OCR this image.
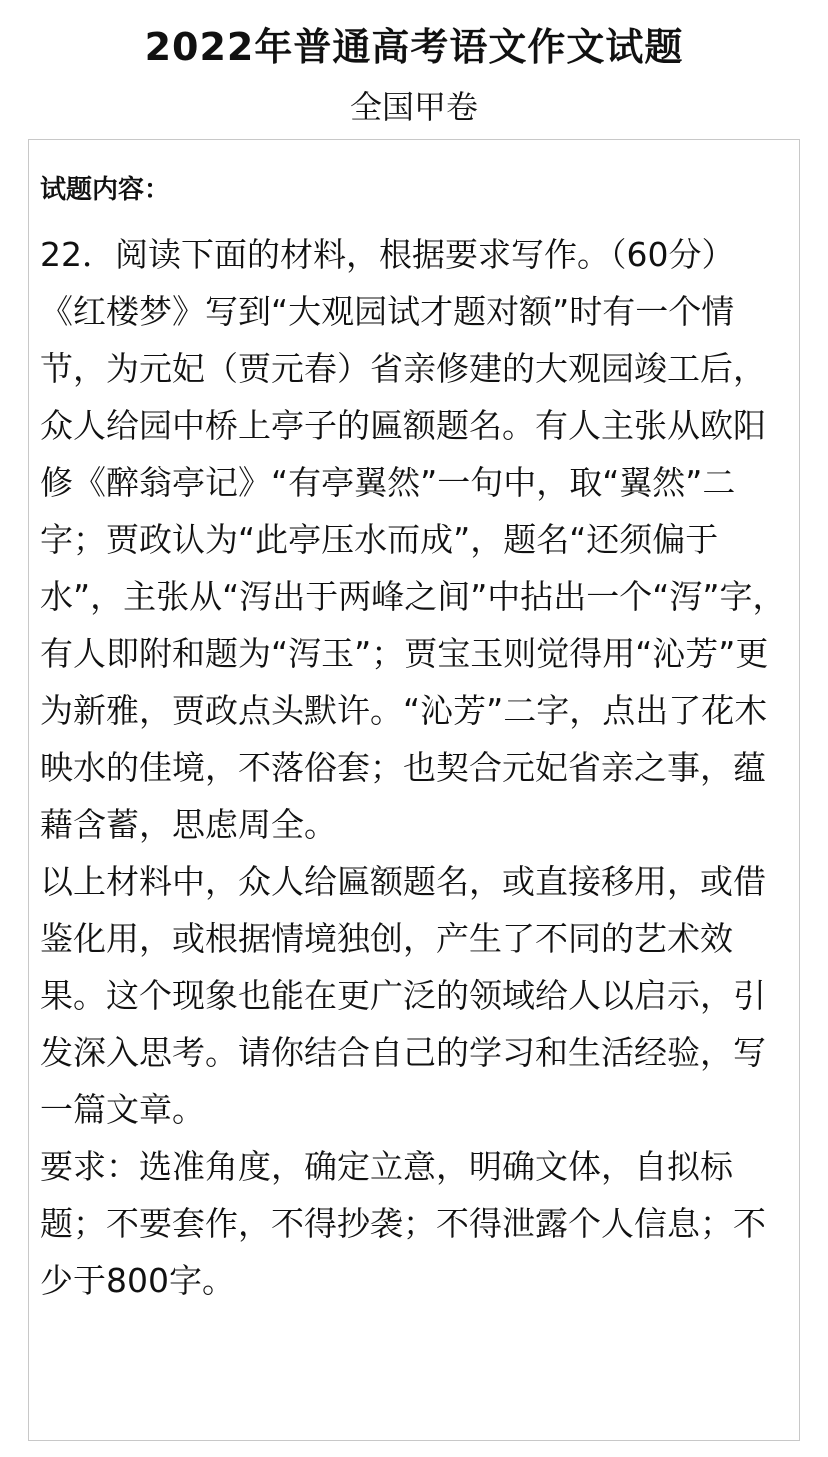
2022年普通高考语文作文试题
全国甲卷
试题内容：

22．阅读下面的材料，根据要求写作。（60分）

《红楼梦》写到“大观园试才题对额”时有一个情节，为元妃（贾元春）省亲修建的大观园竣工后，众人给园中桥上亭子的匾额题名。有人主张从欧阳修《醉翁亭记》“有亭翼然”一句中，取“翼然”二字；贾政认为“此亭压水而成”，题名“还须偏于水”，主张从“泻出于两峰之间”中拈出一个“泻”字，有人即附和题为“泻玉”；贾宝玉则觉得用“沁芳”更为新雅，贾政点头默许。“沁芳”二字，点出了花木映水的佳境，不落俗套；也契合元妃省亲之事，蕴藉含蓄，思虑周全。

以上材料中，众人给匾额题名，或直接移用，或借鉴化用，或根据情境独创，产生了不同的艺术效果。这个现象也能在更广泛的领域给人以启示，引发深入思考。请你结合自己的学习和生活经验，写一篇文章。

要求：选准角度，确定立意，明确文体，自拟标题；不要套作，不得抄袭；不得泄露个人信息；不少于800字。
